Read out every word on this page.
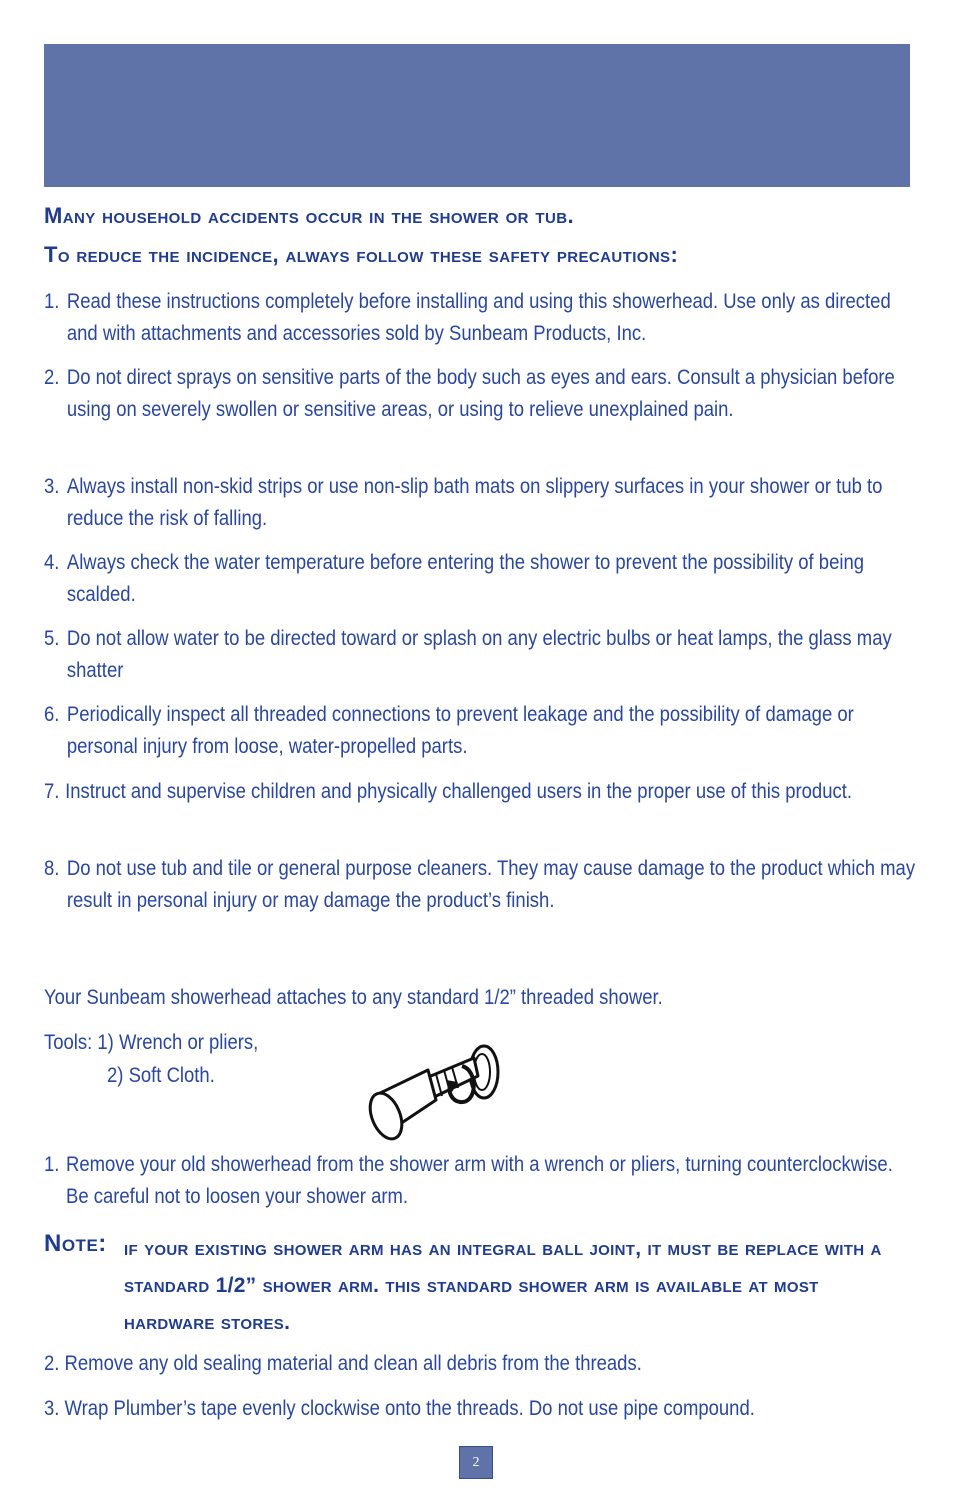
Many household accidents occur in the shower or tub.
To reduce the incidence, always follow these safety precautions:
1. Read these instructions completely before installing and using this showerhead. Use only as directed and with attachments and accessories sold by Sunbeam Products, Inc.
2. Do not direct sprays on sensitive parts of the body such as eyes and ears. Consult a physician before using on severely swollen or sensitive areas, or using to relieve unexplained pain.
3. Always install non-skid strips or use non-slip bath mats on slippery surfaces in your shower or tub to reduce the risk of falling.
4. Always check the water temperature before entering the shower to prevent the possibility of being scalded.
5. Do not allow water to be directed toward or splash on any electric bulbs or heat lamps, the glass may shatter
6. Periodically inspect all threaded connections to prevent leakage and the possibility of damage or personal injury from loose, water-propelled parts.
7. Instruct and supervise children and physically challenged users in the proper use of this product.
8. Do not use tub and tile or general purpose cleaners. They may cause damage to the product which may result in personal injury or may damage the product’s finish.
Your Sunbeam showerhead attaches to any standard 1/2” threaded shower.
Tools: 1) Wrench or pliers,
2) Soft Cloth.
1. Remove your old showerhead from the shower arm with a wrench or pliers, turning counterclockwise. Be careful not to loosen your shower arm.
Note: if your existing shower arm has an integral ball joint, it must be replace with a standard 1/2” shower arm. this standard shower arm is available at most hardware stores.
2. Remove any old sealing material and clean all debris from the threads.
3. Wrap Plumber’s tape evenly clockwise onto the threads. Do not use pipe compound.
2
